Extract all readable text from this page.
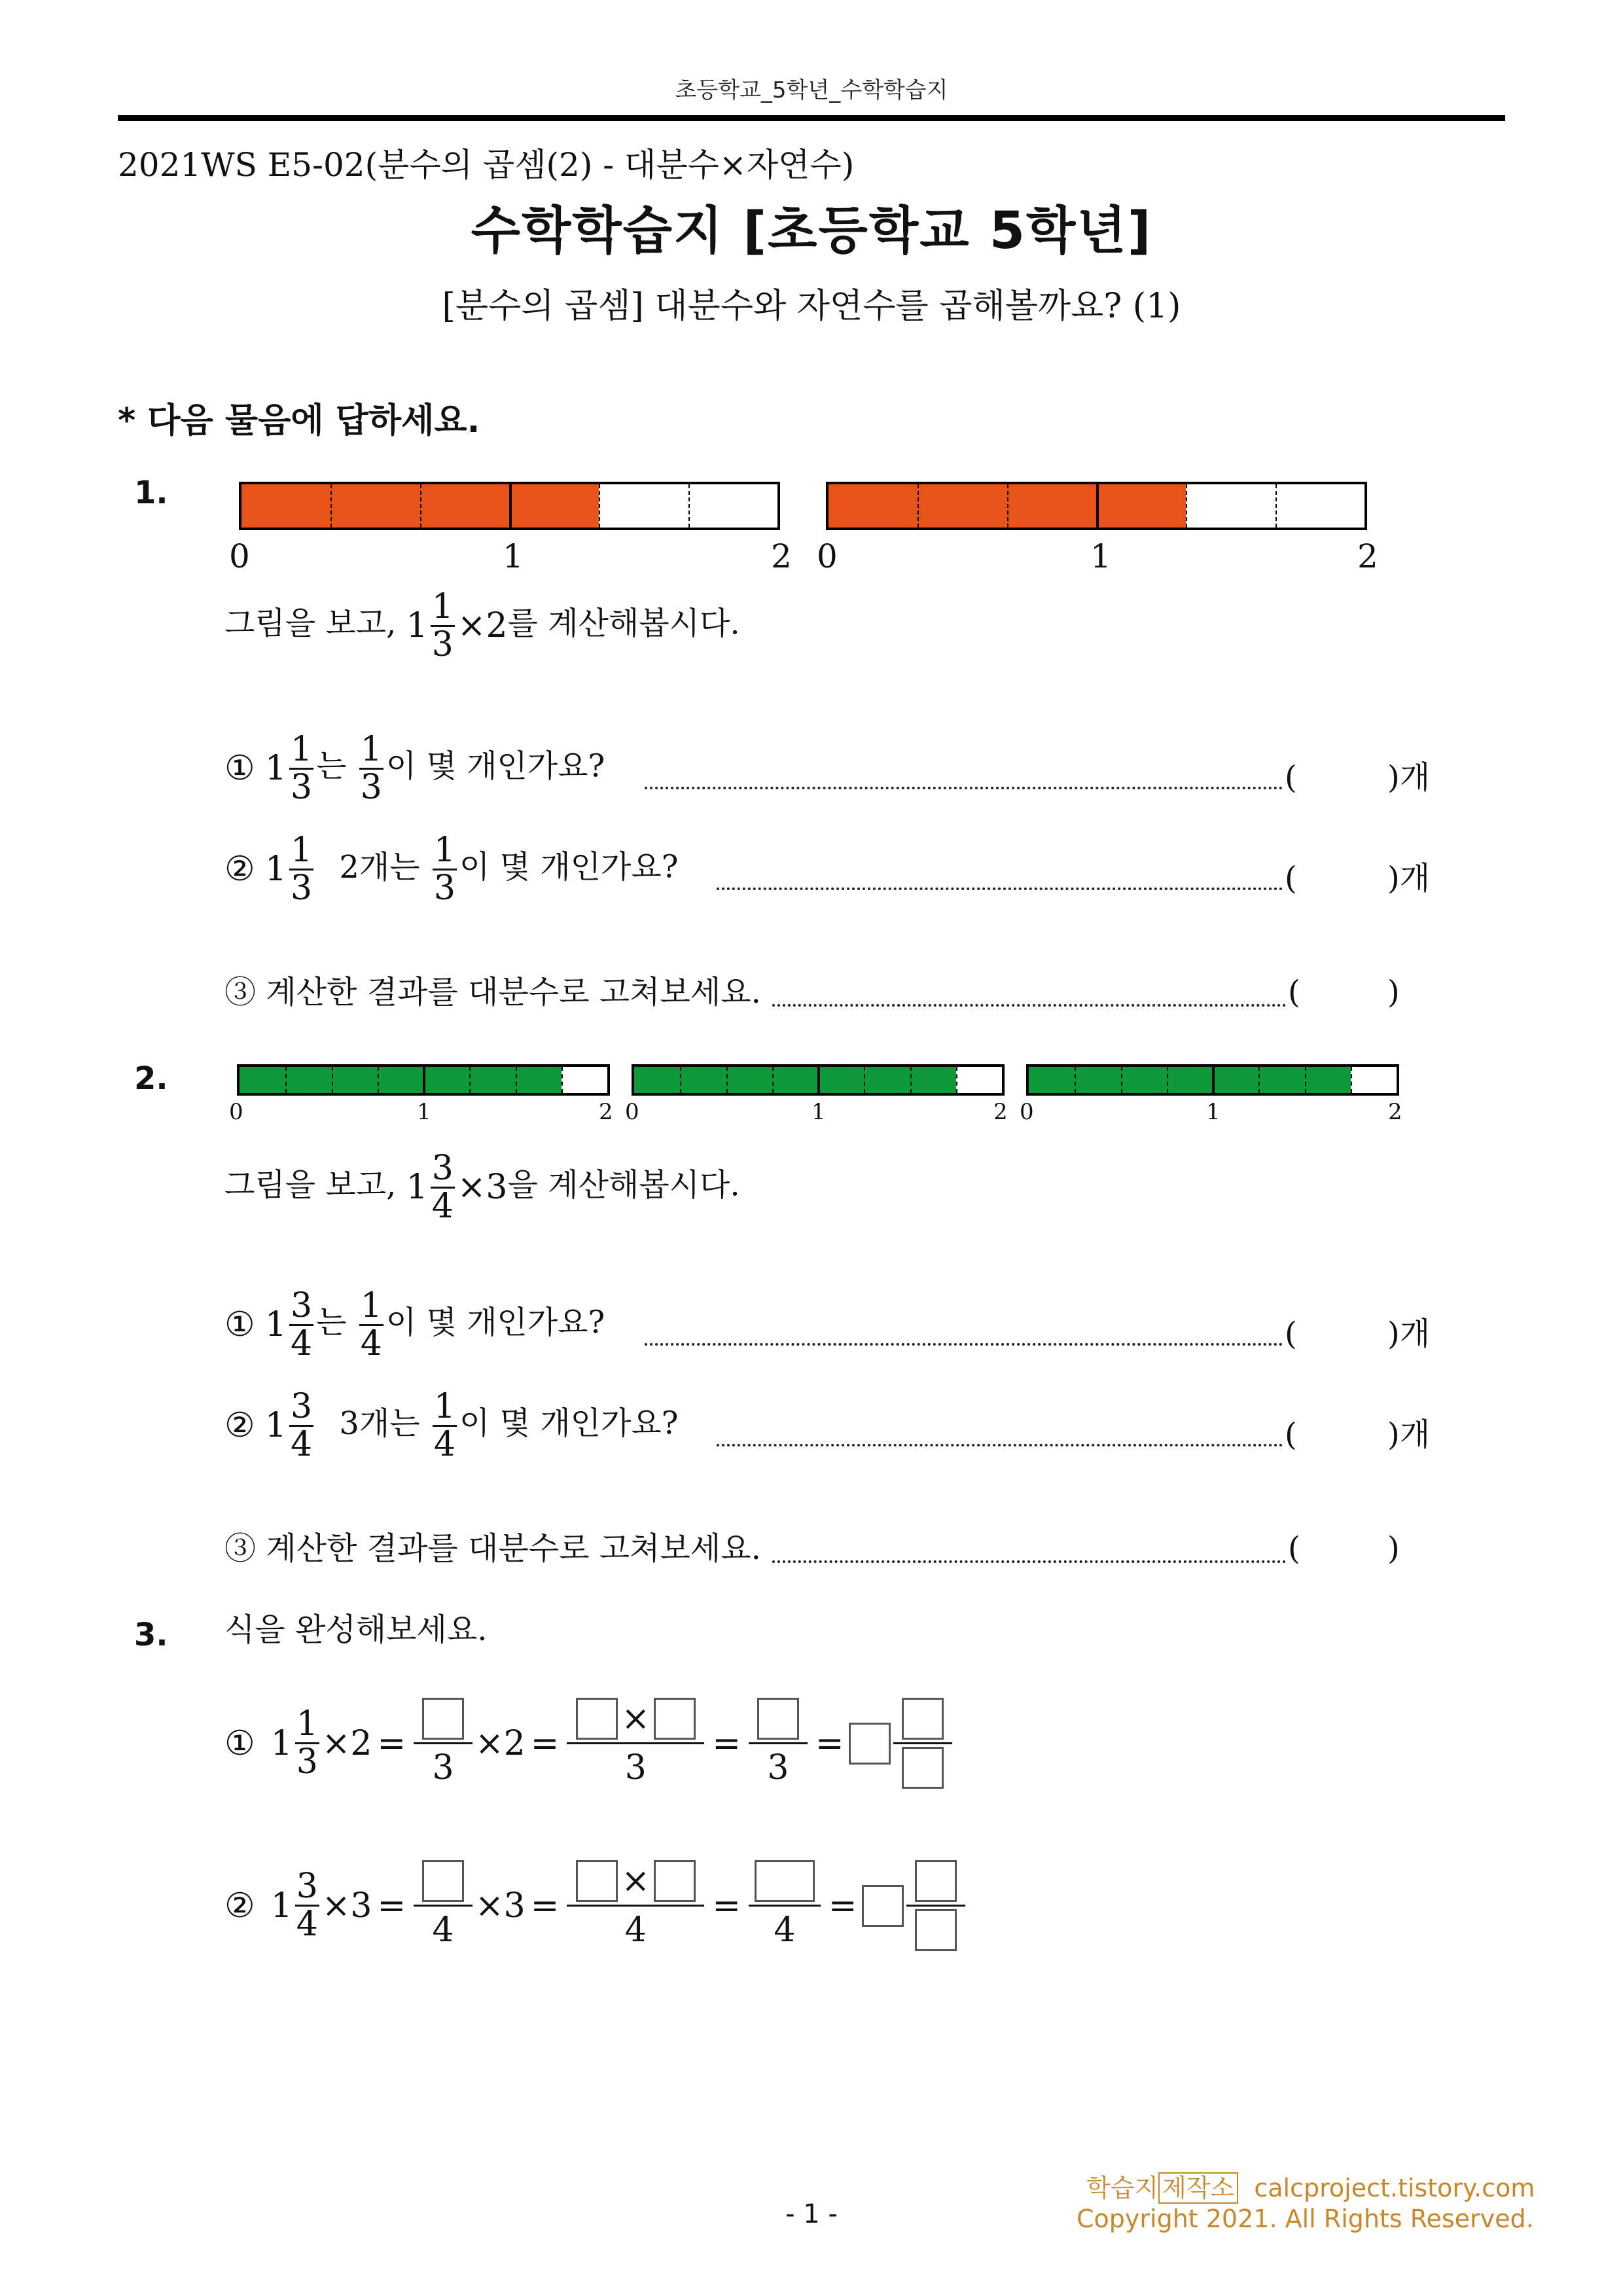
초등학교_5학년_수학학습지
2021WS E5-02(분수의 곱셈(2) - 대분수×자연수)
수학학습지 [초등학교 5학년]
[분수의 곱셈] 대분수와 자연수를 곱해볼까요? (1)
* 다음 물음에 답하세요.
1.
0	1	2 0	1	2
그림을 보고, $1 \frac{1}{3} \times 2$를 계산해봅시다.
① $1 \frac{1}{3}$ 는 $\frac{1}{3}$ 이 몇 개인가요?	(	)개
② $1 \frac{1}{3} 2$개는 $\frac{1}{3}$ 이 몇 개인가요?	(	)개
③ 계산한 결과를 대분수로 고쳐보세요.	(	)
2.
0	1	2 0	1	2 0	1	2
그림을 보고, $1 \frac{3}{4} \times 3$을 계산해봅시다.
① $1 \frac{3}{4}$ 는 $\frac{1}{4}$ 이 몇 개인가요?	(	)개
② $1 \frac{3}{4} 3$개는 $\frac{1}{4}$ 이 몇 개인가요?	(	)개
③ 계산한 결과를 대분수로 고쳐보세요.	(	)
3. 식을 완성해보세요.
① $1 \frac{1}{3} \times 2$ =
3
× $2 = \frac{\times}{3}$ =
3
=
② $1 \frac{3}{4} \times 3$ =
4
× $3 = \frac{\times}{4}$ =
4
=
학습지 제작소 calcproject.tistory.com
Copyright 2021. All Rights Reserved.
- 1 -
